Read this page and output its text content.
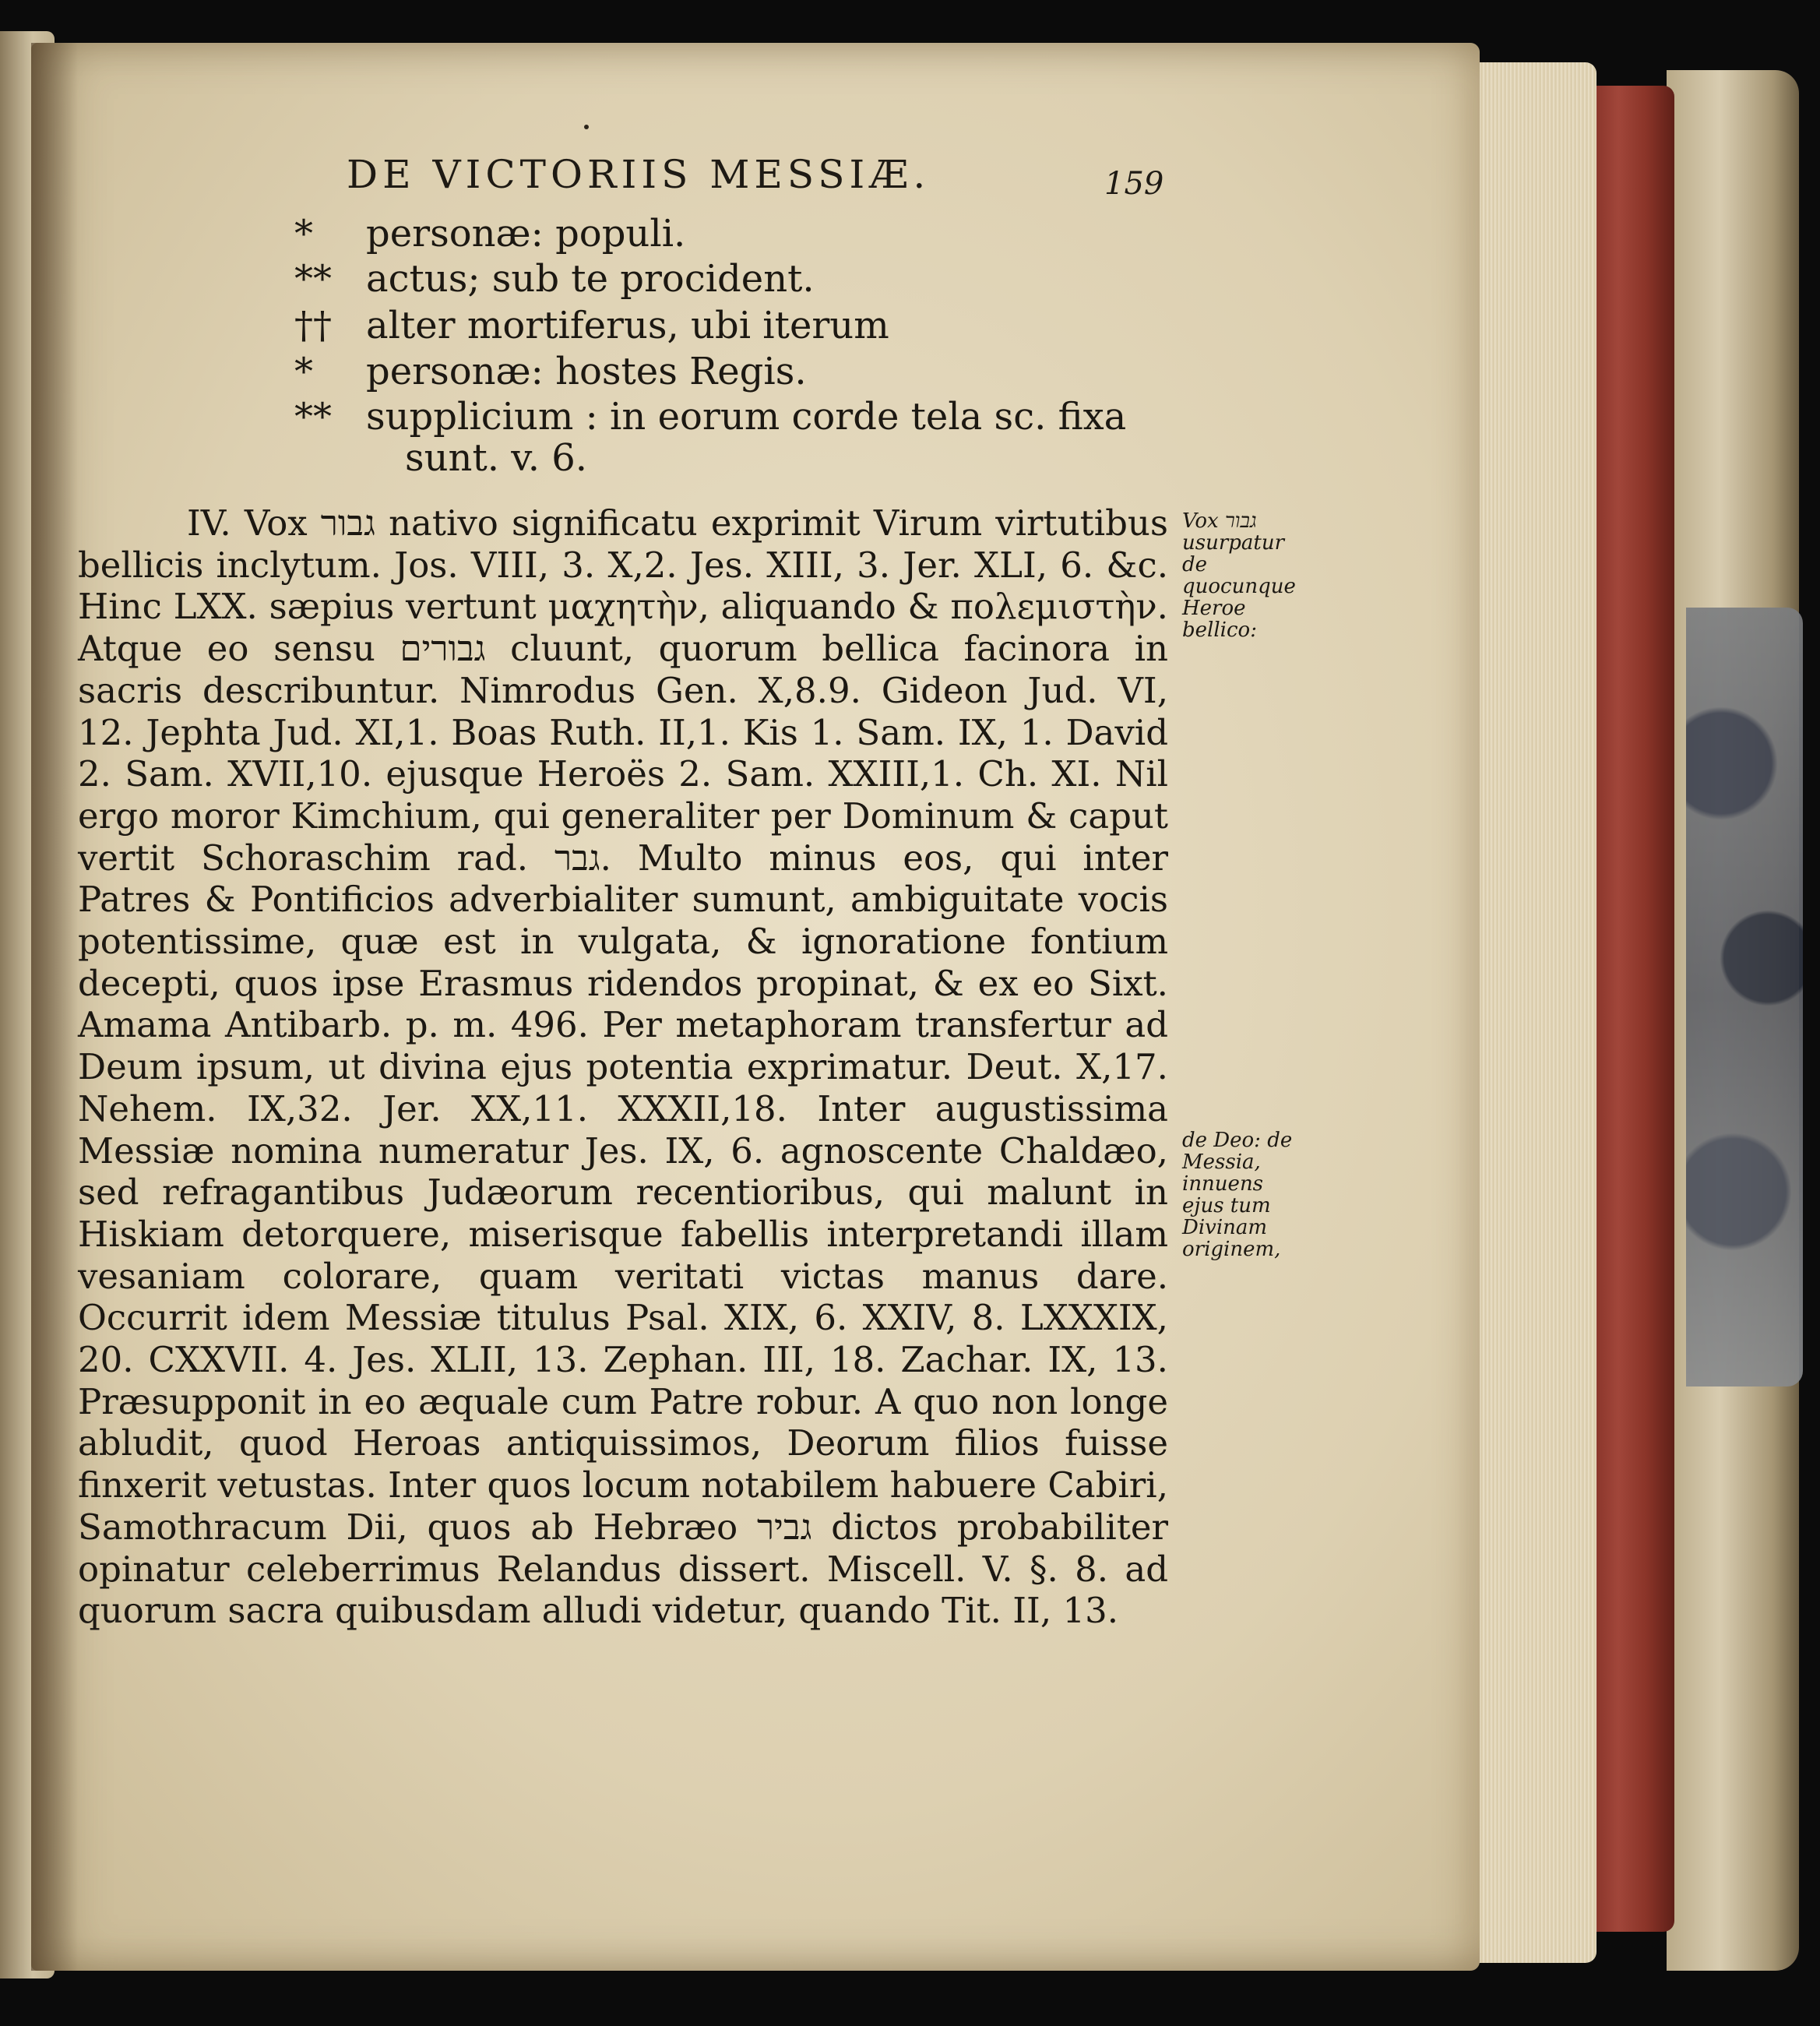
DE VICTORIIS MESSIÆ.	159
* personæ: populi.
** actus; sub te procident.
†† alter mortiferus, ubi iterum
* personæ: hostes Regis.
** supplicium : in eorum corde tela sc. fixa
sunt. v. 6.

IV. Vox גבור nativo significatu exprimit Virum virtutibus bellicis inclytum. Jos. VIII, 3. X,2. Jes. XIII, 3. Jer. XLI, 6. &c. Hinc LXX. sæpius vertunt μαχητὴν, aliquando & πολεμιστὴν. Atque eo sensu גבורים cluunt, quorum bellica facinora in sacris describuntur. Nimrodus Gen. X,8.9. Gideon Jud. VI, 12. Jephta Jud. XI,1. Boas Ruth. II,1. Kis 1. Sam. IX, 1. David 2. Sam. XVII,10. ejusque Heroës 2. Sam. XXIII,1. Ch. XI. Nil ergo moror Kimchium, qui generaliter per Dominum & caput vertit Schoraschim rad. גבר. Multo minus eos, qui inter Patres & Pontificios adverbialiter sumunt, ambiguitate vocis potentissime, quæ est in vulgata, & ignoratione fontium decepti, quos ipse Erasmus ridendos propinat, & ex eo Sixt. Amama Antibarb. p. m. 496. Per metaphoram transfertur ad Deum ipsum, ut divina ejus potentia exprimatur. Deut. X,17. Nehem. IX,32. Jer. XX,11. XXXII,18. Inter augustissima Messiæ nomina numeratur Jes. IX, 6. agnoscente Chaldæo, sed refragantibus Judæorum recentioribus, qui malunt in Hiskiam detorquere, miserisque fabellis interpretandi illam vesaniam colorare, quam veritati victas manus dare. Occurrit idem Messiæ titulus Psal. XIX, 6. XXIV, 8. LXXXIX, 20. CXXVII. 4. Jes. XLII, 13. Zephan. III, 18. Zachar. IX, 13. Præsupponit in eo æquale cum Patre robur. A quo non longe abludit, quod Heroas antiquissimos, Deorum filios fuisse finxerit vetustas. Inter quos locum notabilem habuere Cabiri, Samothracum Dii, quos ab Hebræo גביר dictos probabiliter opinatur celeberrimus Relandus dissert. Miscell. V. §. 8. ad quorum sacra quibusdam alludi videtur, quando Tit. II, 13.

Vox גבור usurpatur de quocunque Heroe bellico:
de Deo: de Messia, innuens ejus tum Divinam originem,
